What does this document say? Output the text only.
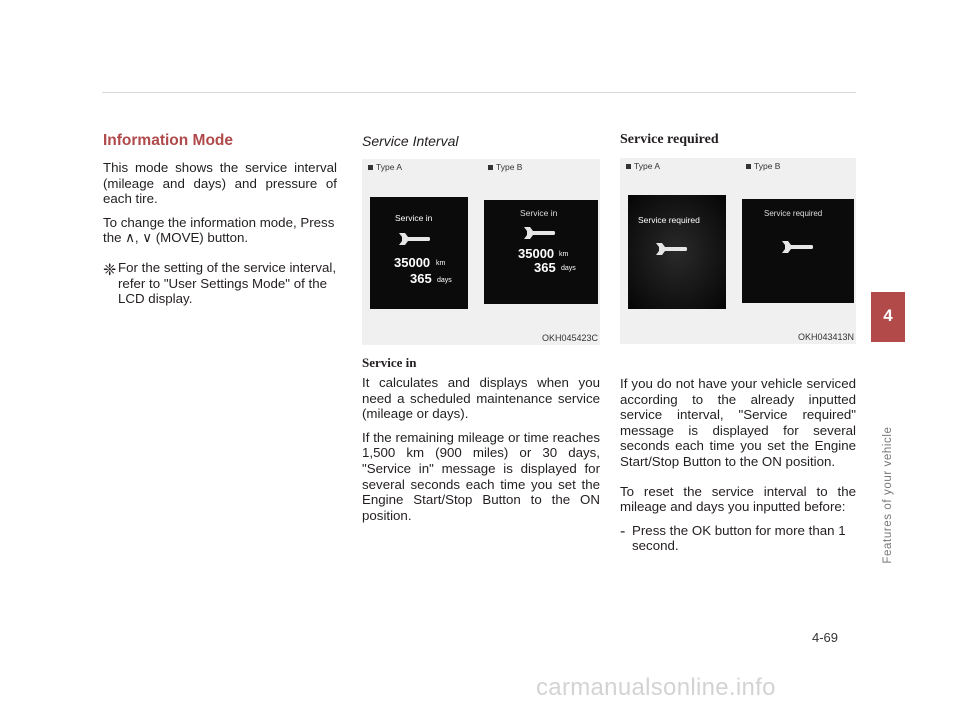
Information Mode

This mode shows the service interval (mileage and days) and pressure of each tire.

To change the information mode, Press the ∧, ∨ (MOVE) button.

❈ For the setting of the service interval, refer to "User Settings Mode" of the LCD display.

Service Interval
Type A
Service in
35000 km
365 days
Type B
Service in
35000 km
365 days
OKH045423C
Service in

It calculates and displays when you need a scheduled maintenance service (mileage or days).

If the remaining mileage or time reaches 1,500 km (900 miles) or 30 days, "Service in" message is displayed for several seconds each time you set the Engine Start/Stop Button to the ON position.

Service required
Type A
Service required
Type B
Service required
OKH043413N

If you do not have your vehicle serviced according to the already inputted service interval, "Service required" message is displayed for several seconds each time you set the Engine Start/Stop Button to the ON position.

To reset the service interval to the mileage and days you inputted before:

- Press the OK button for more than 1 second.

4
Features of your vehicle
4-69
carmanualsonline.info
